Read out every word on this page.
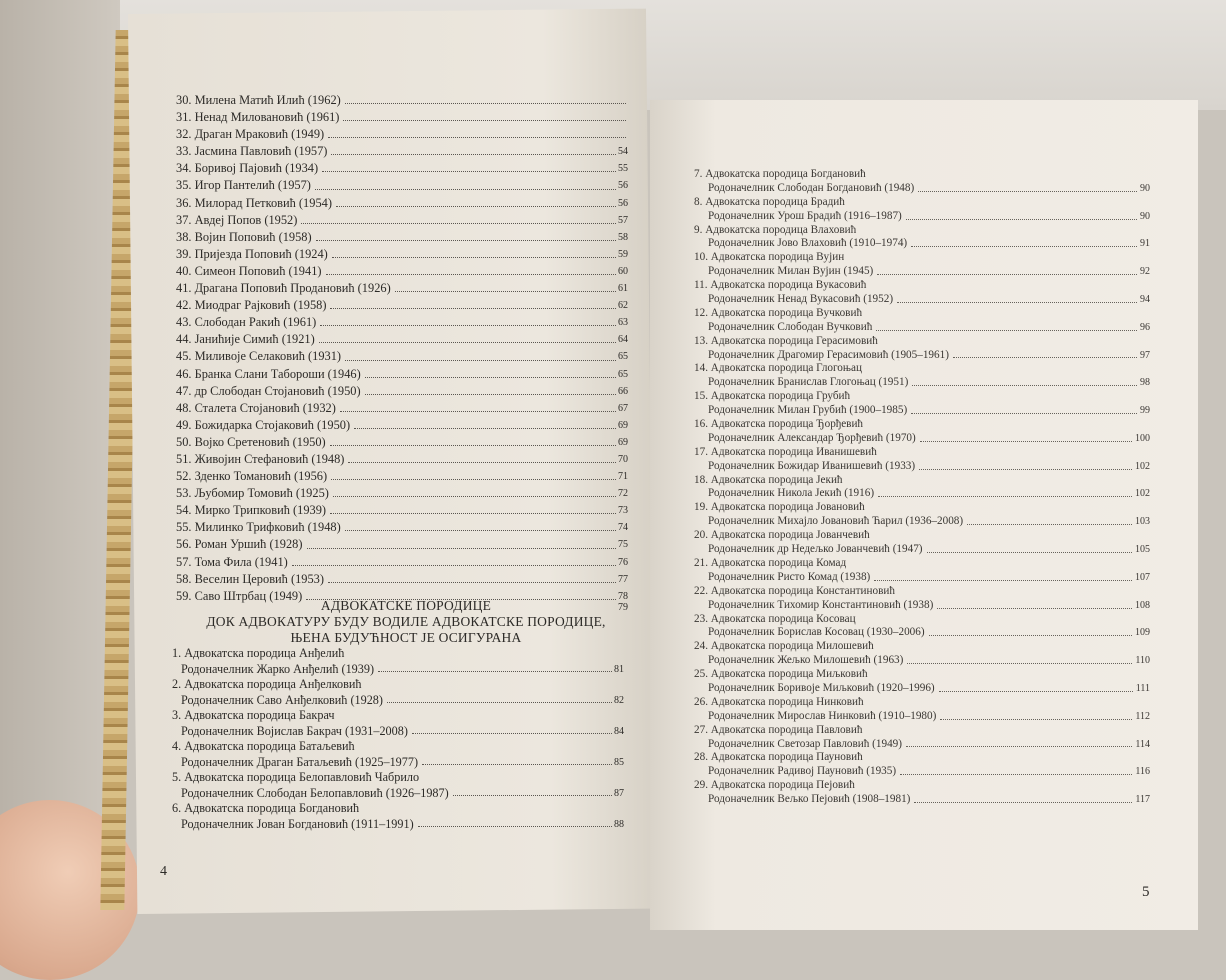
30. Милена Матић Илић (1962)
31. Ненад Миловановић (1961)
32. Драган Мраковић (1949)
33. Јасмина Павловић (1957)	54
34. Боривој Пајовић (1934)	55
35. Игор Пантелић (1957)	56
36. Милорад Петковић (1954)	56
37. Авдеј Попов (1952)	57
38. Војин Поповић (1958)	58
39. Пријезда Поповић (1924)	59
40. Симеон Поповић (1941)	60
41. Драгана Поповић Продановић (1926)	61
42. Миодраг Рајковић (1958)	62
43. Слободан Ракић (1961)	63
44. Јанићије Симић (1921)	64
45. Миливоје Селаковић (1931)	65
46. Бранка Слани Табороши (1946)	65
47. др Слободан Стојановић (1950)	66
48. Сталета Стојановић (1932)	67
49. Божидарка Стојаковић (1950)	69
50. Војко Сретеновић (1950)	69
51. Живојин Стефановић (1948)	70
52. Зденко Томановић (1956)	71
53. Љубомир Томовић (1925)	72
54. Мирко Трипковић (1939)	73
55. Милинко Трифковић (1948)	74
56. Роман Уршић (1928)	75
57. Тома Фила (1941)	76
58. Веселин Церовић (1953)	77
59. Саво Штрбац (1949)	78
79
АДВОКАТСКЕ ПОРОДИЦЕ
ДОК АДВОКАТУРУ БУДУ ВОДИЛЕ АДВОКАТСКЕ ПОРОДИЦЕ,
ЊЕНА БУДУЋНОСТ ЈЕ ОСИГУРАНА
1. Адвокатска породица Анђелић
Родоначелник Жарко Анђелић (1939)	81
2. Адвокатска породица Анђелковић
Родоначелник Саво Анђелковић (1928)	82
3. Адвокатска породица Бакрач
Родоначелник Војислав Бакрач (1931–2008)	84
4. Адвокатска породица Батаљевић
Родоначелник Драган Батаљевић (1925–1977)	85
5. Адвокатска породица Белопавловић Чабрило
Родоначелник Слободан Белопавловић (1926–1987)	87
6. Адвокатска породица Богдановић
Родоначелник Јован Богдановић (1911–1991)	88
4
7. Адвокатска породица Богдановић
Родоначелник Слободан Богдановић (1948)	90
8. Адвокатска породица Брадић
Родоначелник Урош Брадић (1916–1987)	90
9. Адвокатска породица Влаховић
Родоначелник Јово Влаховић (1910–1974)	91
10. Адвокатска породица Вујин
Родоначелник Милан Вујин (1945)	92
11. Адвокатска породица Вукасовић
Родоначелник Ненад Вукасовић (1952)	94
12. Адвокатска породица Вучковић
Родоначелник Слободан Вучковић	96
13. Адвокатска породица Герасимовић
Родоначелник Драгомир Герасимовић (1905–1961)	97
14. Адвокатска породица Глогоњац
Родоначелник Бранислав Глогоњац (1951)	98
15. Адвокатска породица Грубић
Родоначелник Милан Грубић (1900–1985)	99
16. Адвокатска породица Ђорђевић
Родоначелник Александар Ђорђевић (1970)	100
17. Адвокатска породица Иванишевић
Родоначелник Божидар Иванишевић (1933)	102
18. Адвокатска породица Јекић
Родоначелник Никола Јекић (1916)	102
19. Адвокатска породица Јовановић
Родоначелник Михајло Јовановић Ћарил (1936–2008)	103
20. Адвокатска породица Јованчевић
Родоначелник др Недељко Јованчевић (1947)	105
21. Адвокатска породица Комад
Родоначелник Ристо Комад (1938)	107
22. Адвокатска породица Константиновић
Родоначелник Тихомир Константиновић (1938)	108
23. Адвокатска породица Косовац
Родоначелник Борислав Косовац (1930–2006)	109
24. Адвокатска породица Милошевић
Родоначелник Жељко Милошевић (1963)	110
25. Адвокатска породица Миљковић
Родоначелник Боривоје Миљковић (1920–1996)	111
26. Адвокатска породица Нинковић
Родоначелник Мирослав Нинковић (1910–1980)	112
27. Адвокатска породица Павловић
Родоначелник Светозар Павловић (1949)	114
28. Адвокатска породица Пауновић
Родоначелник Радивој Пауновић (1935)	116
29. Адвокатска породица Пејовић
Родоначелник Вељко Пејовић (1908–1981)	117
5
